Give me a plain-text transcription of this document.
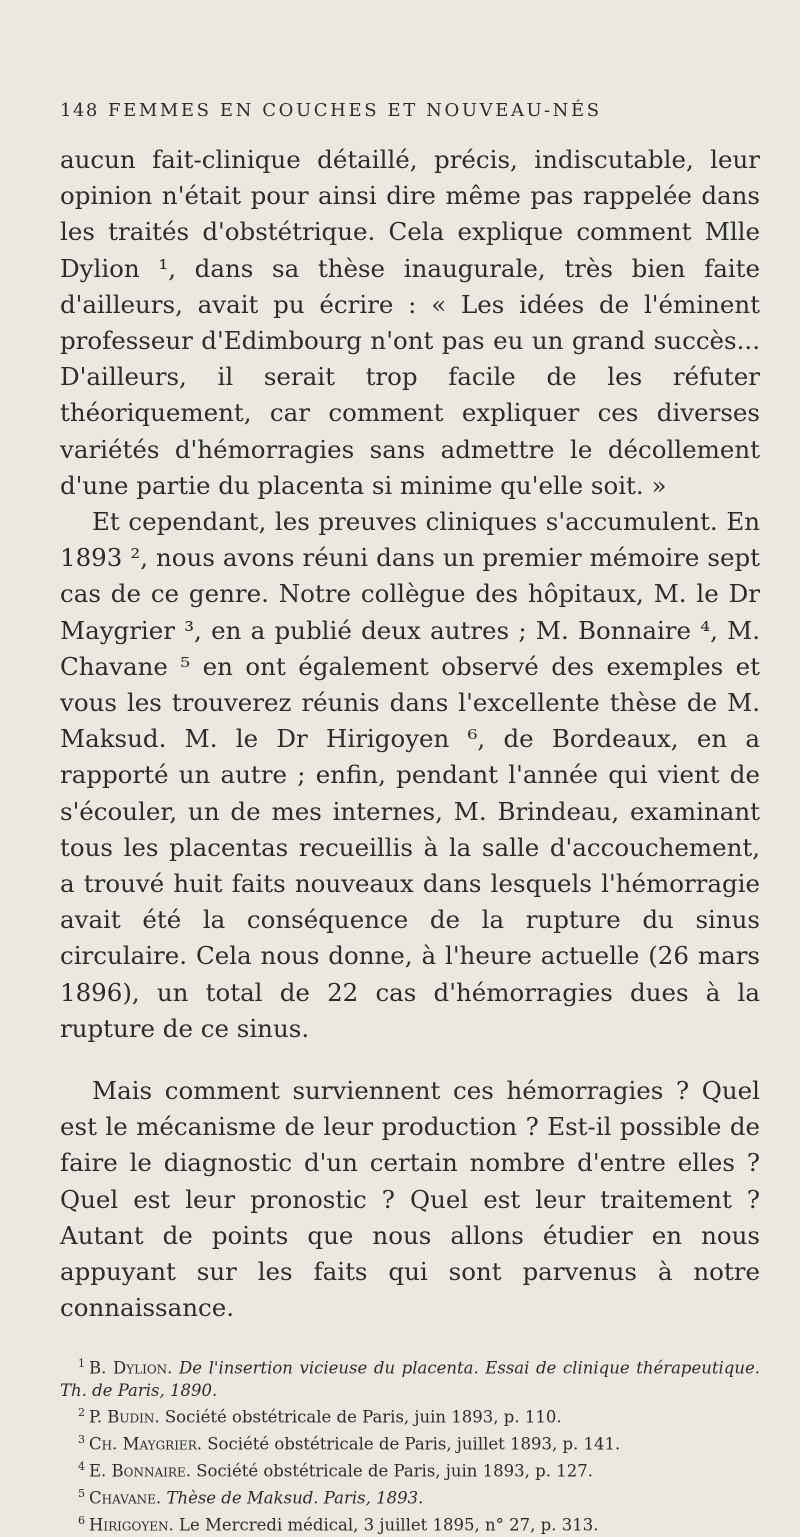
148 FEMMES EN COUCHES ET NOUVEAU-NÉS

aucun fait-clinique détaillé, précis, indiscutable, leur opinion n'était pour ainsi dire même pas rappelée dans les traités d'obstétrique. Cela explique comment Mlle Dylion ¹, dans sa thèse inaugurale, très bien faite d'ailleurs, avait pu écrire : « Les idées de l'éminent professeur d'Edimbourg n'ont pas eu un grand succès... D'ailleurs, il serait trop facile de les réfuter théoriquement, car comment expliquer ces diverses variétés d'hémorragies sans admettre le décollement d'une partie du placenta si minime qu'elle soit. »

Et cependant, les preuves cliniques s'accumulent. En 1893 ², nous avons réuni dans un premier mémoire sept cas de ce genre. Notre collègue des hôpitaux, M. le Dr Maygrier ³, en a publié deux autres ; M. Bonnaire ⁴, M. Chavane ⁵ en ont également observé des exemples et vous les trouverez réunis dans l'excellente thèse de M. Maksud. M. le Dr Hirigoyen ⁶, de Bordeaux, en a rapporté un autre ; enfin, pendant l'année qui vient de s'écouler, un de mes internes, M. Brindeau, examinant tous les placentas recueillis à la salle d'accouchement, a trouvé huit faits nouveaux dans lesquels l'hémorragie avait été la conséquence de la rupture du sinus circulaire. Cela nous donne, à l'heure actuelle (26 mars 1896), un total de 22 cas d'hémorragies dues à la rupture de ce sinus.

Mais comment surviennent ces hémorragies ? Quel est le mécanisme de leur production ? Est-il possible de faire le diagnostic d'un certain nombre d'entre elles ? Quel est leur pronostic ? Quel est leur traitement ? Autant de points que nous allons étudier en nous appuyant sur les faits qui sont parvenus à notre connaissance.

$^1$ B. Dylion. De l'insertion vicieuse du placenta. Essai de clinique thérapeutique. Th. de Paris, 1890.
$^2$ P. Budin. Société obstétricale de Paris, juin 1893, p. 110.
$^3$ Ch. Maygrier. Société obstétricale de Paris, juillet 1893, p. 141.
$^4$ E. Bonnaire. Société obstétricale de Paris, juin 1893, p. 127.
$^5$ Chavane. Thèse de Maksud. Paris, 1893.
$^6$ Hirigoyen. Le Mercredi médical, 3 juillet 1895, n° 27, p. 313.
